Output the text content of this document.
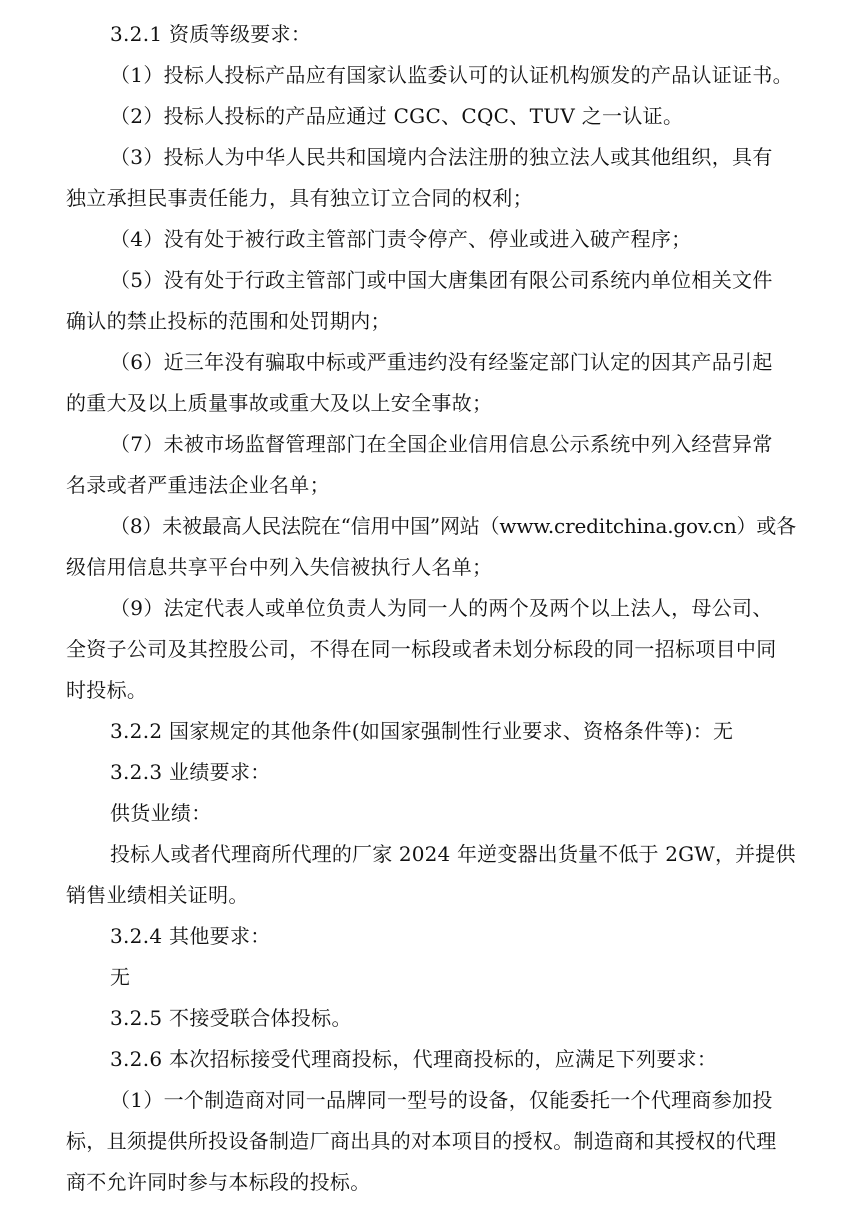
3.2.1 资质等级要求：
（1）投标人投标产品应有国家认监委认可的认证机构颁发的产品认证证书。
（2）投标人投标的产品应通过 CGC、CQC、TUV 之一认证。
（3）投标人为中华人民共和国境内合法注册的独立法人或其他组织，具有
独立承担民事责任能力，具有独立订立合同的权利；
（4）没有处于被行政主管部门责令停产、停业或进入破产程序；
（5）没有处于行政主管部门或中国大唐集团有限公司系统内单位相关文件
确认的禁止投标的范围和处罚期内；
（6）近三年没有骗取中标或严重违约没有经鉴定部门认定的因其产品引起
的重大及以上质量事故或重大及以上安全事故；
（7）未被市场监督管理部门在全国企业信用信息公示系统中列入经营异常
名录或者严重违法企业名单；
（8）未被最高人民法院在“信用中国”网站（www.creditchina.gov.cn）或各
级信用信息共享平台中列入失信被执行人名单；
（9）法定代表人或单位负责人为同一人的两个及两个以上法人，母公司、
全资子公司及其控股公司，不得在同一标段或者未划分标段的同一招标项目中同
时投标。
3.2.2 国家规定的其他条件(如国家强制性行业要求、资格条件等)：无
3.2.3 业绩要求：
供货业绩：
投标人或者代理商所代理的厂家 2024 年逆变器出货量不低于 2GW，并提供
销售业绩相关证明。
3.2.4 其他要求：
无
3.2.5 不接受联合体投标。
3.2.6 本次招标接受代理商投标，代理商投标的，应满足下列要求：
（1）一个制造商对同一品牌同一型号的设备，仅能委托一个代理商参加投
标，且须提供所投设备制造厂商出具的对本项目的授权。制造商和其授权的代理
商不允许同时参与本标段的投标。
